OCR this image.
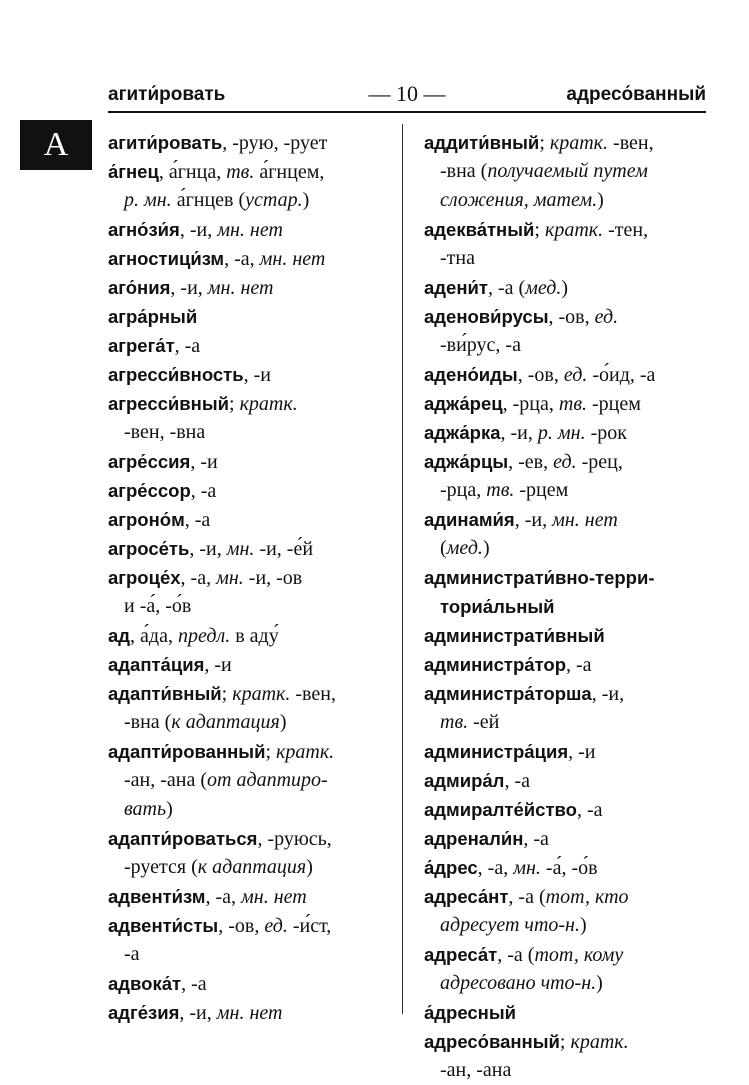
агити́ровать	— 10 —	адресо́ванный
А	агити́ровать, -рую, -рует
а́гнец, а́гнца, тв. а́гнцем,
р. мн. а́гнцев (устар.)
агно́зи́я, -и, мн. нет
агностици́зм, -а, мн. нет
аго́ния, -и, мн. нет
агра́рный
агрега́т, -а
агресси́вность, -и
агресси́вный; кратк.
-вен, -вна
агре́ссия, -и
агре́ссор, -а
агроно́м, -а
агросе́ть, -и, мн. -и, -е́й
агроце́х, -а, мн. -и, -ов
и -а́, -о́в
ад, а́да, предл. в аду́
адапта́ция, -и
адапти́вный; кратк. -вен,
-вна (к адаптация)
адапти́рованный; кратк.
-ан, -ана (от адаптиро-
вать)
адапти́роваться, -руюсь,
-руется (к адаптация)
адвенти́зм, -а, мн. нет
адвенти́сты, -ов, ед. -и́ст,
-а
адвока́т, -а
адге́зия, -и, мн. нет
аддити́вный; кратк. -вен,
-вна (получаемый путем
сложения, матем.)
адеква́тный; кратк. -тен,
-тна
адени́т, -а (мед.)
аденови́русы, -ов, ед.
-ви́рус, -а
адено́иды, -ов, ед. -о́ид, -а
аджа́рец, -рца, тв. -рцем
аджа́рка, -и, р. мн. -рок
аджа́рцы, -ев, ед. -рец,
-рца, тв. -рцем
адинами́я, -и, мн. нет
(мед.)
администрати́вно-терри-
ториа́льный
администрати́вный
администра́тор, -а
администра́торша, -и,
тв. -ей
администра́ция, -и
адмира́л, -а
адмиралте́йство, -а
адренали́н, -а
а́дрес, -а, мн. -а́, -о́в
адреса́нт, -а (тот, кто
адресует что-н.)
адреса́т, -а (тот, кому
адресовано что-н.)
а́дресный
адресо́ванный; кратк.
-ан, -ана
